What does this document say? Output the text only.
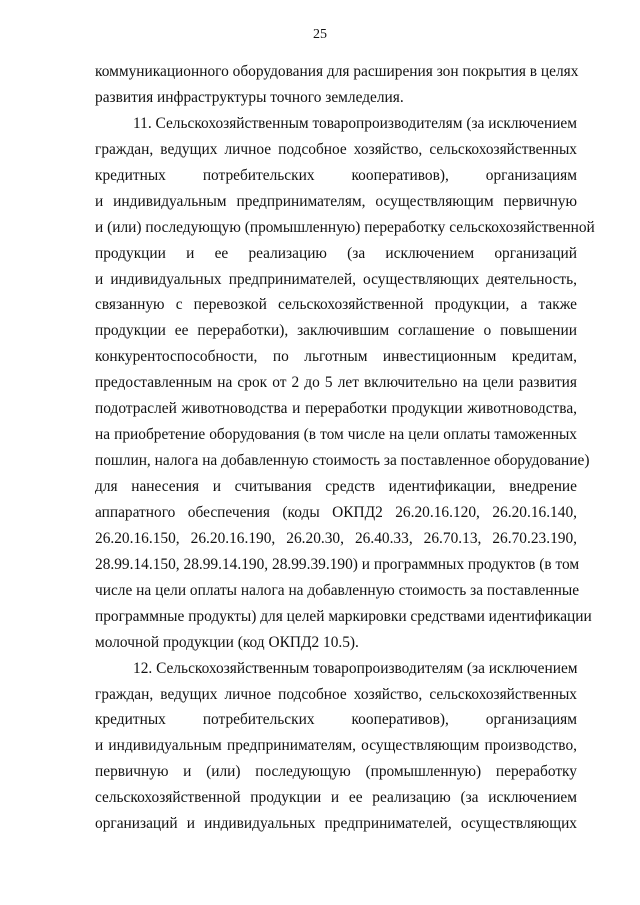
25
коммуникационного оборудования для расширения зон покрытия в целях
развития инфраструктуры точного земледелия.
11. Сельскохозяйственным товаропроизводителям (за исключением
граждан, ведущих личное подсобное хозяйство, сельскохозяйственных
кредитных потребительских кооперативов), организациям
и индивидуальным предпринимателям, осуществляющим первичную
и (или) последующую (промышленную) переработку сельскохозяйственной
продукции и ее реализацию (за исключением организаций
и индивидуальных предпринимателей, осуществляющих деятельность,
связанную с перевозкой сельскохозяйственной продукции, а также
продукции ее переработки), заключившим соглашение о повышении
конкурентоспособности, по льготным инвестиционным кредитам,
предоставленным на срок от 2 до 5 лет включительно на цели развития
подотраслей животноводства и переработки продукции животноводства,
на приобретение оборудования (в том числе на цели оплаты таможенных
пошлин, налога на добавленную стоимость за поставленное оборудование)
для нанесения и считывания средств идентификации, внедрение
аппаратного обеспечения (коды ОКПД2 26.20.16.120, 26.20.16.140,
26.20.16.150, 26.20.16.190, 26.20.30, 26.40.33, 26.70.13, 26.70.23.190,
28.99.14.150, 28.99.14.190, 28.99.39.190) и программных продуктов (в том
числе на цели оплаты налога на добавленную стоимость за поставленные
программные продукты) для целей маркировки средствами идентификации
молочной продукции (код ОКПД2 10.5).
12. Сельскохозяйственным товаропроизводителям (за исключением
граждан, ведущих личное подсобное хозяйство, сельскохозяйственных
кредитных потребительских кооперативов), организациям
и индивидуальным предпринимателям, осуществляющим производство,
первичную и (или) последующую (промышленную) переработку
сельскохозяйственной продукции и ее реализацию (за исключением
организаций и индивидуальных предпринимателей, осуществляющих
